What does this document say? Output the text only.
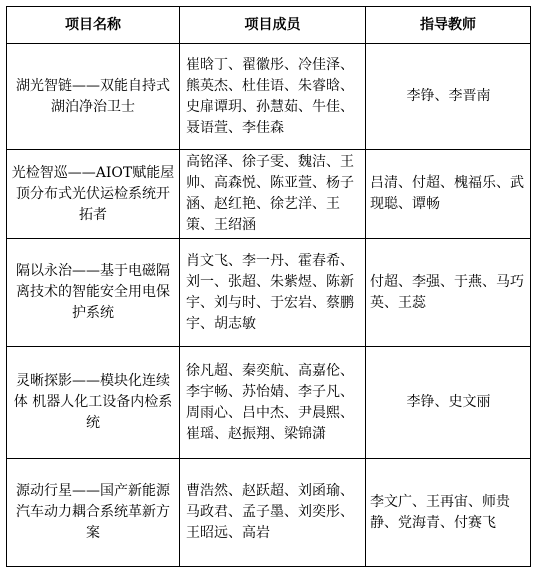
项目名称	项目成员	指导教师
湖光智链——双能自持式湖泊净治卫士	崔晗丁、翟徽彤、冷佳泽、熊英杰、杜佳语、朱睿晗、史扉谭玥、孙慧茹、牛佳、聂语萱、李佳森	李铮、李晋南
光检智巡——AIOT赋能屋顶分布式光伏运检系统开拓者	高铭泽、徐子雯、魏洁、王帅、高森悦、陈亚萱、杨子涵、赵红艳、徐艺洋、王策、王绍涵	吕清、付超、槐福乐、武现聪、谭畅
隔以永治——基于电磁隔离技术的智能安全用电保护系统	肖文飞、李一丹、霍春希、刘一、张超、朱紫煜、陈新宇、刘与时、于宏岩、蔡鹏宇、胡志敏	付超、李强、于燕、马巧英、王蕊
灵晰探影——模块化连续体 机器人化工设备内检系统	徐凡超、秦奕航、高嘉伦、李宇畅、苏怡婧、李子凡、周雨心、吕中杰、尹晨熙、崔瑶、赵振翔、梁锦潇	李铮、史文丽
源动行星——国产新能源汽车动力耦合系统革新方案	曹浩然、赵跃超、刘函瑜、马政君、孟子墨、刘奕彤、王昭远、高岩	李文广、王再宙、师贵静、党海青、付赛飞
